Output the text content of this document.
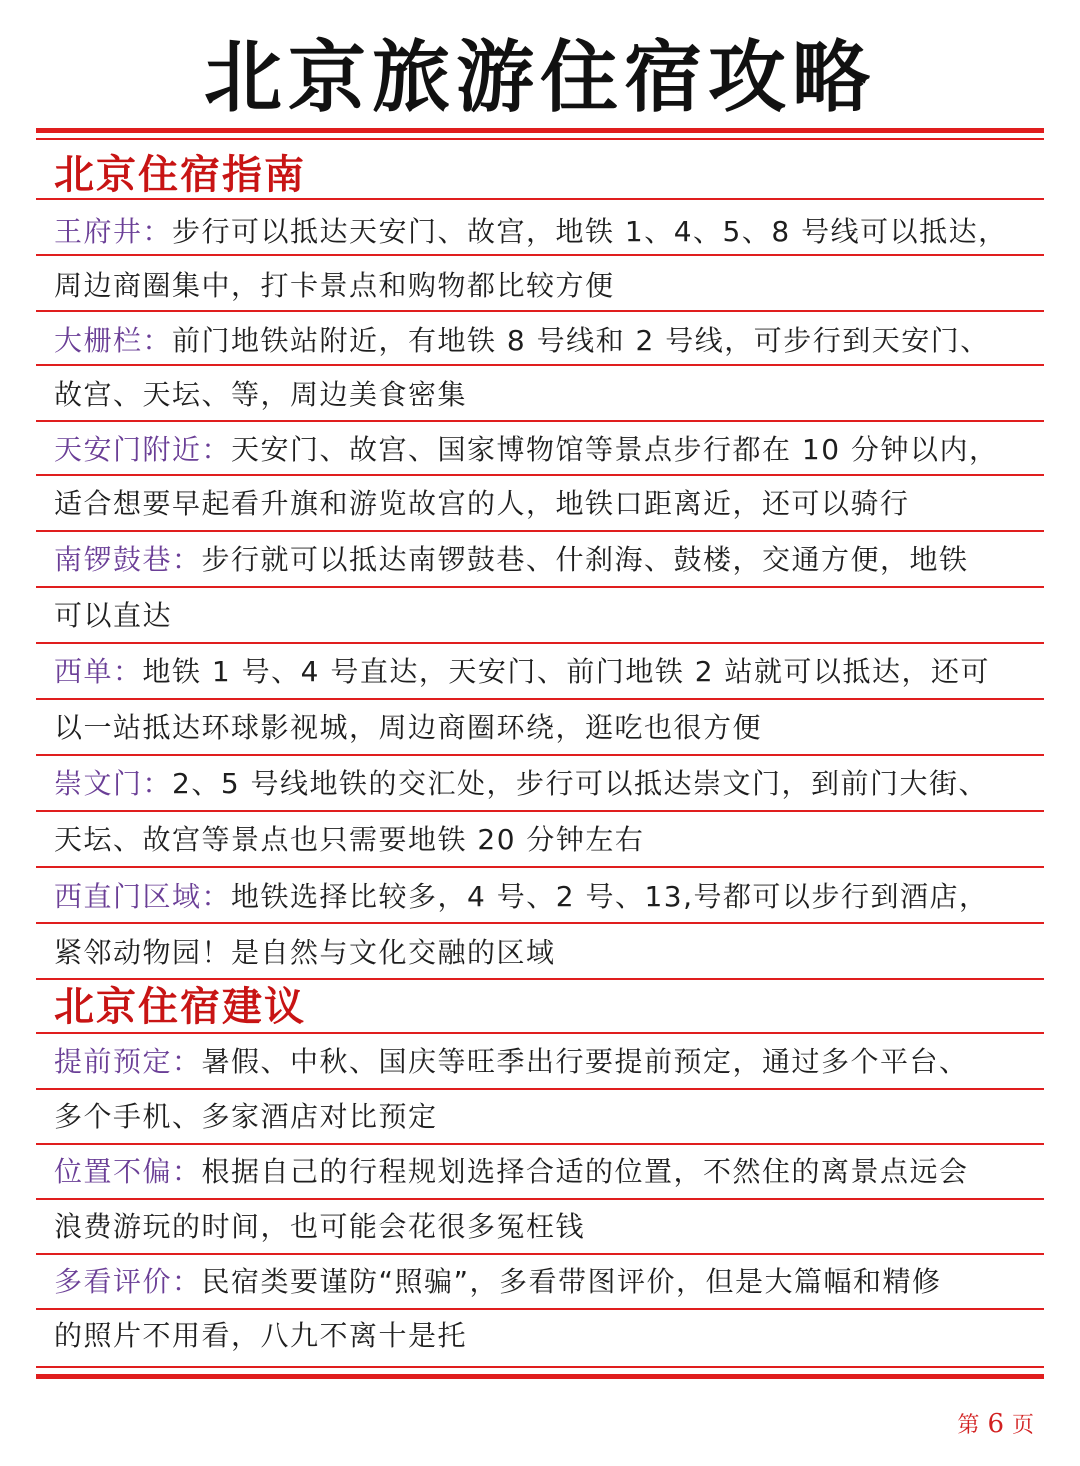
北京旅游住宿攻略
北京住宿指南
王府井：步行可以抵达天安门、故宫，地铁 1、4、5、8 号线可以抵达，
周边商圈集中，打卡景点和购物都比较方便
大栅栏：前门地铁站附近，有地铁 8 号线和 2 号线，可步行到天安门、
故宫、天坛、等，周边美食密集
天安门附近：天安门、故宫、国家博物馆等景点步行都在 10 分钟以内，
适合想要早起看升旗和游览故宫的人，地铁口距离近，还可以骑行
南锣鼓巷：步行就可以抵达南锣鼓巷、什刹海、鼓楼，交通方便，地铁
可以直达
西单：地铁 1 号、4 号直达，天安门、前门地铁 2 站就可以抵达，还可
以一站抵达环球影视城，周边商圈环绕，逛吃也很方便
崇文门：2、5 号线地铁的交汇处，步行可以抵达崇文门，到前门大街、
天坛、故宫等景点也只需要地铁 20 分钟左右
西直门区域：地铁选择比较多，4 号、2 号、13,号都可以步行到酒店，
紧邻动物园！是自然与文化交融的区域
北京住宿建议
提前预定：暑假、中秋、国庆等旺季出行要提前预定，通过多个平台、
多个手机、多家酒店对比预定
位置不偏：根据自己的行程规划选择合适的位置，不然住的离景点远会
浪费游玩的时间，也可能会花很多冤枉钱
多看评价：民宿类要谨防“照骗”，多看带图评价，但是大篇幅和精修
的照片不用看，八九不离十是托
第 6 页
